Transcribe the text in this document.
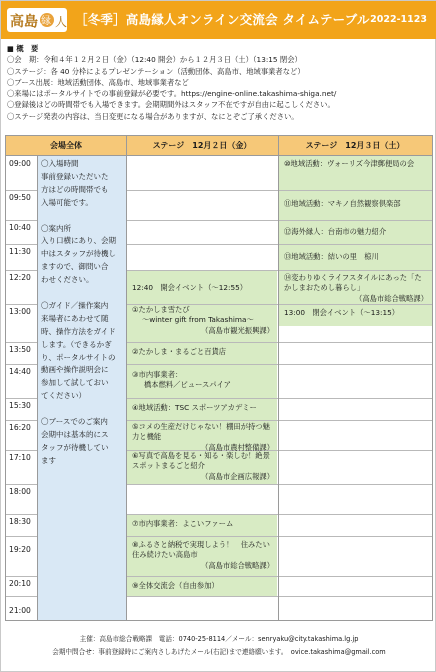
高島 縁 人 ［冬季］高島縁人オンライン交流会 タイムテーブル 2022-1123
■ 概　要
〇会　期：令和４年１２月２日（金）（12:40 開会）から１２月３日（土）（13:15 閉会）
〇ステージ：各 40 分枠によるプレゼンテーション（活動団体、高島市、地域事業者など）
〇ブース出展：地域活動団体、高島市、地域事業者など
〇来場にはポータルサイトでの事前登録が必要です。https://engine-online.takashima-shiga.net/
〇登録後はどの時間帯でも入場できます。会期期間外はスタッフ不在ですが自由に起こしください。
〇ステージ発表の内容は、当日変更になる場合がありますが、なにとぞご了承ください。
会場全体	ステージ　12月２日（金）	ステージ　12月３日（土）
09:00
09:50
10:40
11:30
12:20
13:00
13:50
14:40
15:30
16:20
17:10
18:00
18:30
19:20
20:10
21:00
〇入場時間
事前登録いただいた
方はどの時間帯でも
入場可能です。
〇案内所
入り口横にあり、会期
中はスタッフが待機し
ますので、御問い合
わせください。
〇ガイド／操作案内
来場者にあわせて随
時、操作方法をガイド
します。（できるかぎ
り、ポータルサイトの
動画や操作説明会に
参加して試しておい
てください）
〇ブースでのご案内
会期中は基本的にス
タッフが待機してい
ます
12:40　開会イベント（～12:55）
①たかしま雪たび
～winter gift from Takashima～
（高島市観光振興課）
②たかしま・まるごと百貨店
③市内事業者：
橋本燃料／ビュースパイア
④地域活動：TSC スポーツアカデミー
⑤コメの生産だけじゃない！棚田が持つ魅力と機能
（高島市農村整備課）
⑥写真で高島を見る・知る・楽しむ！絶景スポットまるごと紹介
（高島市企画広報課）
⑦市内事業者：よこいファーム
⑧ふるさと納税で実現しよう！　住みたい住み続けたい高島市
（高島市総合戦略課）
⑨全体交流会（自由参加）
⑩地域活動：ヴォーリズ今津郵便局の会
⑪地域活動：マキノ自然観察倶楽部
⑫海外縁人：台南市の魅力紹介
⑬地域活動：結いの里　椋川
⑭変わりゆくライフスタイルにあった「たかしまおためし暮らし」
（高島市総合戦略課）
13:00　閉会イベント（～13:15）
主催：高島市総合戦略課　電話：0740-25-8114／メール：senryaku@city.takashima.lg.jp
会期中問合せ：事前登録時にご案内さしあげたメール(右記)まで連絡願います。　ovice.takashima@gmail.com
